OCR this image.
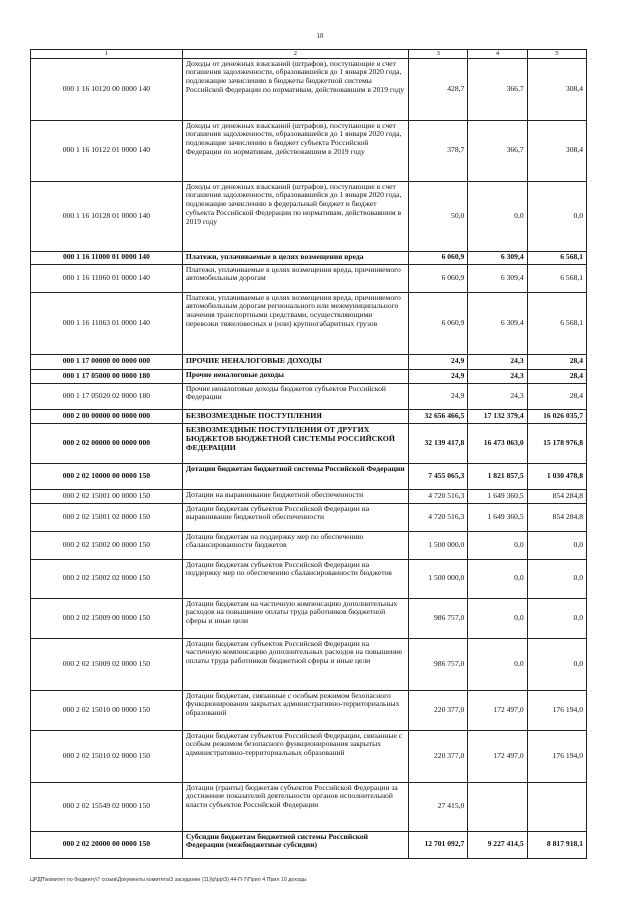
18
1	2	3	4	5
000 1 16 10120 00 0000 140	Доходы от денежных взысканий (штрафов), поступающие в счет погашения задолженности, образовавшейся до 1 января 2020 года, подлежащие зачислению в бюджеты бюджетной системы Российской Федерации по нормативам, действовавшим в 2019 году	428,7	366,7	308,4
000 1 16 10122 01 0000 140	Доходы от денежных взысканий (штрафов), поступающие в счет погашения задолженности, образовавшейся до 1 января 2020 года, подлежащие зачислению в бюджет субъекта Российской Федерации по нормативам, действовавшим в 2019 году	378,7	366,7	308,4
000 1 16 10128 01 0000 140	Доходы от денежных взысканий (штрафов), поступающие в счет погашения задолженности, образовавшейся до 1 января 2020 года, подлежащие зачислению в федеральный бюджет и бюджет субъекта Российской Федерации по нормативам, действовавшим в 2019 году	50,0	0,0	0,0
000 1 16 11000 01 0000 140	Платежи, уплачиваемые в целях возмещения вреда	6 060,9	6 309,4	6 568,1
000 1 16 11060 01 0000 140	Платежи, уплачиваемые в целях возмещения вреда, причиняемого автомобильным дорогам	6 060,9	6 309,4	6 568,1
000 1 16 11063 01 0000 140	Платежи, уплачиваемые в целях возмещения вреда, причиняемого автомобильным дорогам регионального или межмуниципального значения транспортными средствами, осуществляющими перевозки тяжеловесных и (или) крупногабаритных грузов	6 060,9	6 309,4	6 568,1
000 1 17 00000 00 0000 000	ПРОЧИЕ НЕНАЛОГОВЫЕ ДОХОДЫ	24,9	24,3	28,4
000 1 17 05000 00 0000 180	Прочие неналоговые доходы	24,9	24,3	28,4
000 1 17 05020 02 0000 180	Прочие неналоговые доходы бюджетов субъектов Российской Федерации	24,9	24,3	28,4
000 2 00 00000 00 0000 000	БЕЗВОЗМЕЗДНЫЕ ПОСТУПЛЕНИЯ	32 656 466,5	17 132 379,4	16 026 035,7
000 2 02 00000 00 0000 000	БЕЗВОЗМЕЗДНЫЕ ПОСТУПЛЕНИЯ ОТ ДРУГИХ БЮДЖЕТОВ БЮДЖЕТНОЙ СИСТЕМЫ РОССИЙСКОЙ ФЕДЕРАЦИИ	32 139 417,8	16 473 063,0	15 178 976,8
000 2 02 10000 00 0000 150	Дотации бюджетам бюджетной системы Российской Федерации	7 455 065,3	1 821 857,5	1 030 478,8
000 2 02 15001 00 0000 150	Дотации на выравнивание бюджетной обеспеченности	4 720 516,3	1 649 360,5	854 284,8
000 2 02 15001 02 0000 150	Дотации бюджетам субъектов Российской Федерации на выравнивание бюджетной обеспеченности	4 720 516,3	1 649 360,5	854 284,8
000 2 02 15002 00 0000 150	Дотации бюджетам на поддержку мер по обеспечению сбалансированности бюджетов	1 500 000,0	0,0	0,0
000 2 02 15002 02 0000 150	Дотации бюджетам субъектов Российской Федерации на поддержку мер по обеспечению сбалансированности бюджетов	1 500 000,0	0,0	0,0
000 2 02 15009 00 0000 150	Дотации бюджетам на частичную компенсацию дополнительных расходов на повышение оплаты труда работников бюджетной сферы и иные цели	986 757,0	0,0	0,0
000 2 02 15009 02 0000 150	Дотации бюджетам субъектов Российской Федерации на частичную компенсацию дополнительных расходов на повышение оплаты труда работников бюджетной сферы и иные цели	986 757,0	0,0	0,0
000 2 02 15010 00 0000 150	Дотации бюджетам, связанные с особым режимом безопасного функционирования закрытых административно-территориальных образований	220 377,0	172 497,0	176 194,0
000 2 02 15010 02 0000 150	Дотации бюджетам субъектов Российской Федерации, связанные с особым режимом безопасного функционирования закрытых административно-территориальных образований	220 377,0	172 497,0	176 194,0
000 2 02 15549 02 0000 150	Дотации (гранты) бюджетам субъектов Российской Федерации за достижение показателей деятельности органов исполнительной власти субъектов Российской Федерации	27 415,0		
000 2 02 20000 00 0000 150	Субсидии бюджетам бюджетной системы Российской Федерации (межбюджетные субсидии)	12 701 092,7	9 227 414,5	8 817 918,1
ЦРДП\комитет по бюджету\7 созыв\Документы комитета\3 заседание (11)\р\рр\3) 44-П-7\Прил 4 Прил 10 доходы
